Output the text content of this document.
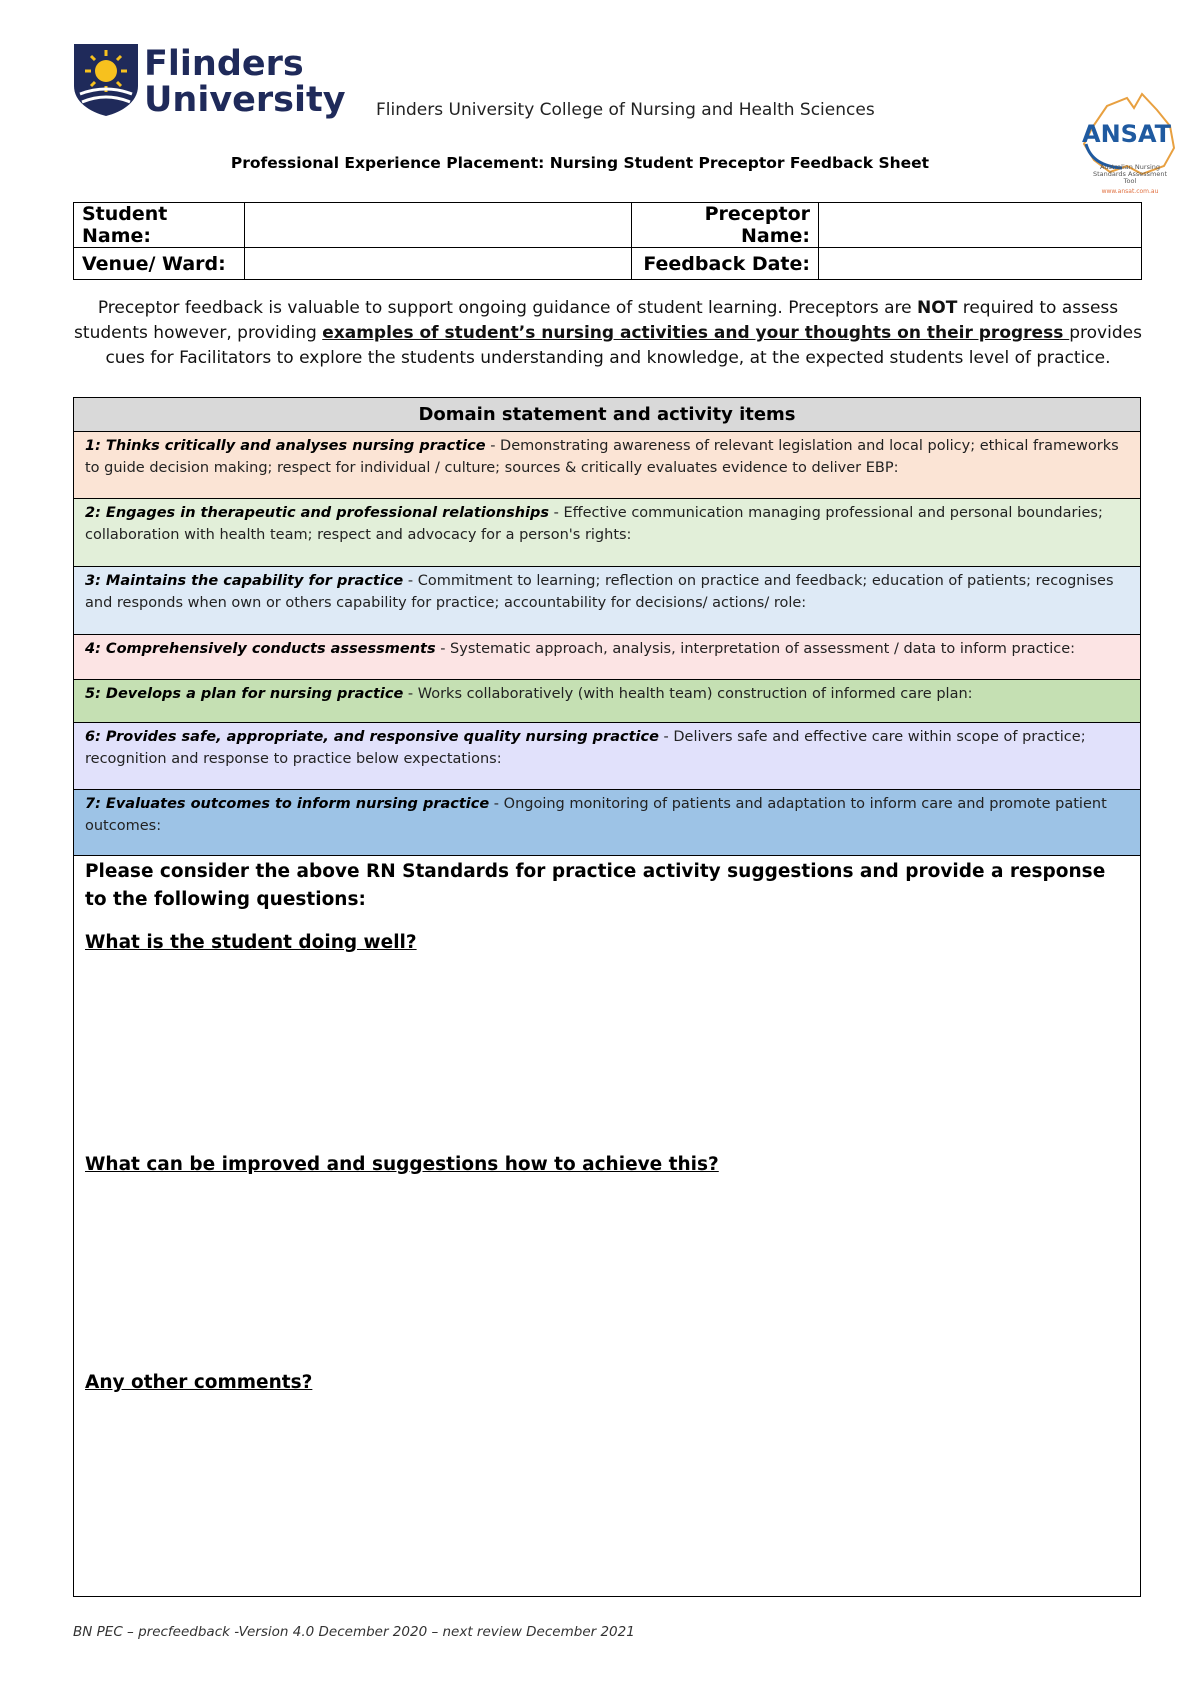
Flinders
University Flinders University College of Nursing and Health Sciences
Professional Experience Placement: Nursing Student Preceptor Feedback Sheet
ANSAT
Australian Nursing Standards Assessment Tool
www.ansat.com.au
Student Name:		Preceptor Name:	
Venue/ Ward:		Feedback Date:	
Preceptor feedback is valuable to support ongoing guidance of student learning. Preceptors are NOT required to assess students however, providing examples of student’s nursing activities and your thoughts on their progress provides cues for Facilitators to explore the students understanding and knowledge, at the expected students level of practice.
Domain statement and activity items
1: Thinks critically and analyses nursing practice - Demonstrating awareness of relevant legislation and local policy; ethical frameworks to guide decision making; respect for individual / culture; sources & critically evaluates evidence to deliver EBP:
2: Engages in therapeutic and professional relationships - Effective communication managing professional and personal boundaries; collaboration with health team; respect and advocacy for a person's rights:
3: Maintains the capability for practice - Commitment to learning; reflection on practice and feedback; education of patients; recognises and responds when own or others capability for practice; accountability for decisions/ actions/ role:
4: Comprehensively conducts assessments - Systematic approach, analysis, interpretation of assessment / data to inform practice:
5: Develops a plan for nursing practice - Works collaboratively (with health team) construction of informed care plan:
6: Provides safe, appropriate, and responsive quality nursing practice - Delivers safe and effective care within scope of practice; recognition and response to practice below expectations:
7: Evaluates outcomes to inform nursing practice - Ongoing monitoring of patients and adaptation to inform care and promote patient outcomes:
Please consider the above RN Standards for practice activity suggestions and provide a response to the following questions:
What is the student doing well?
What can be improved and suggestions how to achieve this?
Any other comments?
BN PEC – precfeedback -Version 4.0 December 2020 – next review December 2021
